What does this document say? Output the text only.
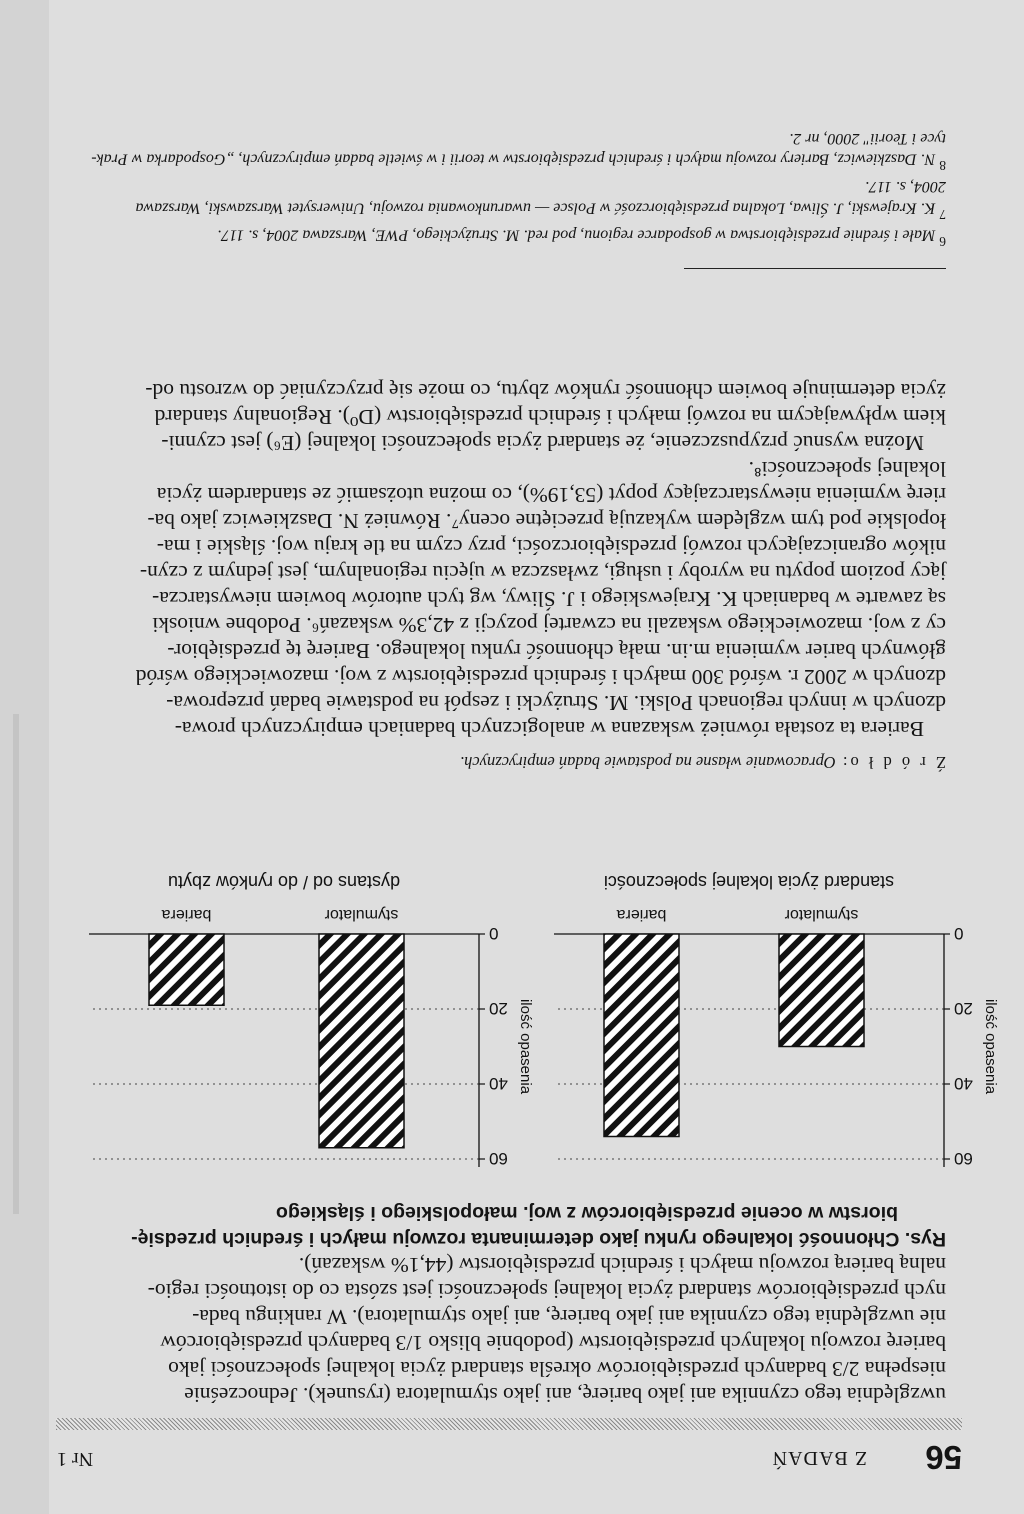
56
Z BADAŃ
Nr 1
uwzględnia tego czynnika ani jako barierę, ani jako stymulatora (rysunek). Jednocześnie
niespełna 2/3 badanych przedsiębiorców określa standard życia lokalnej społeczności jako
barierę rozwoju lokalnych przedsiębiorstw (podobnie blisko 1/3 badanych przedsiębiorców
nie uwzględnia tego czynnika ani jako barierę, ani jako stymulatora). W rankingu bada-
nych przedsiębiorców standard życia lokalnej społeczności jest szósta co do istotności regio-
nalną barierą rozwoju małych i średnich przedsiębiorstw (44,1% wskazań).
Rys. Chłonność lokalnego rynku jako determinanta rozwoju małych i średnich przedsię-
biorstw w ocenie przedsiębiorców z woj. małopolskiego i śląskiego
0
20
40
60
ilość opasenia
stymulator
bariera
standard życia lokalnej społeczności
0
20
40
60
ilość opasenia
stymulator
bariera
dystans od / do rynków zbytu
Ź r ó d ł o: Opracowanie własne na podstawie badań empirycznych.
Bariera ta została również wskazana w analogicznych badaniach empirycznych prowa-
dzonych w innych regionach Polski. M. Strużycki i zespół na podstawie badań przeprowa-
dzonych w 2002 r. wśród 300 małych i średnich przedsiębiorstw z woj. mazowieckiego wśród
głównych barier wymienia m.in. małą chłonność rynku lokalnego. Barierę tę przedsiębior-
cy z woj. mazowieckiego wskazali na czwartej pozycji z 42,3% wskazań⁶. Podobne wnioski
są zawarte w badaniach K. Krajewskiego i J. Śliwy, wg tych autorów bowiem niewystarcza-
jący poziom popytu na wyroby i usługi, zwłaszcza w ujęciu regionalnym, jest jednym z czyn-
ników ograniczających rozwój przedsiębiorczości, przy czym na tle kraju woj. śląskie i ma-
łopolskie pod tym względem wykazują przeciętne oceny⁷. Również N. Daszkiewicz jako ba-
rierę wymienia niewystarczający popyt (53,19%), co można utożsamić ze standardem życia
lokalnej społeczności⁸.
Można wysnuć przypuszczenie, że standard życia społeczności lokalnej (E⁶) jest czynni-
kiem wpływającym na rozwój małych i średnich przedsiębiorstw (D⁰). Regionalny standard
życia determinuje bowiem chłonność rynków zbytu, co może się przyczyniać do wzrostu od-
$^6$ Małe i średnie przedsiębiorstwa w gospodarce regionu, pod red. M. Strużyckiego, PWE, Warszawa 2004, s. 117.
$^7$ K. Krajewski, J. Śliwa, Lokalna przedsiębiorczość w Polsce — uwarunkowania rozwoju, Uniwersytet Warszawski, Warszawa
2004, s. 117.
$^8$ N. Daszkiewicz, Bariery rozwoju małych i średnich przedsiębiorstw w teorii i w świetle badań empirycznych, „Gospodarka w Prak-
tyce i Teorii" 2000, nr 2.
